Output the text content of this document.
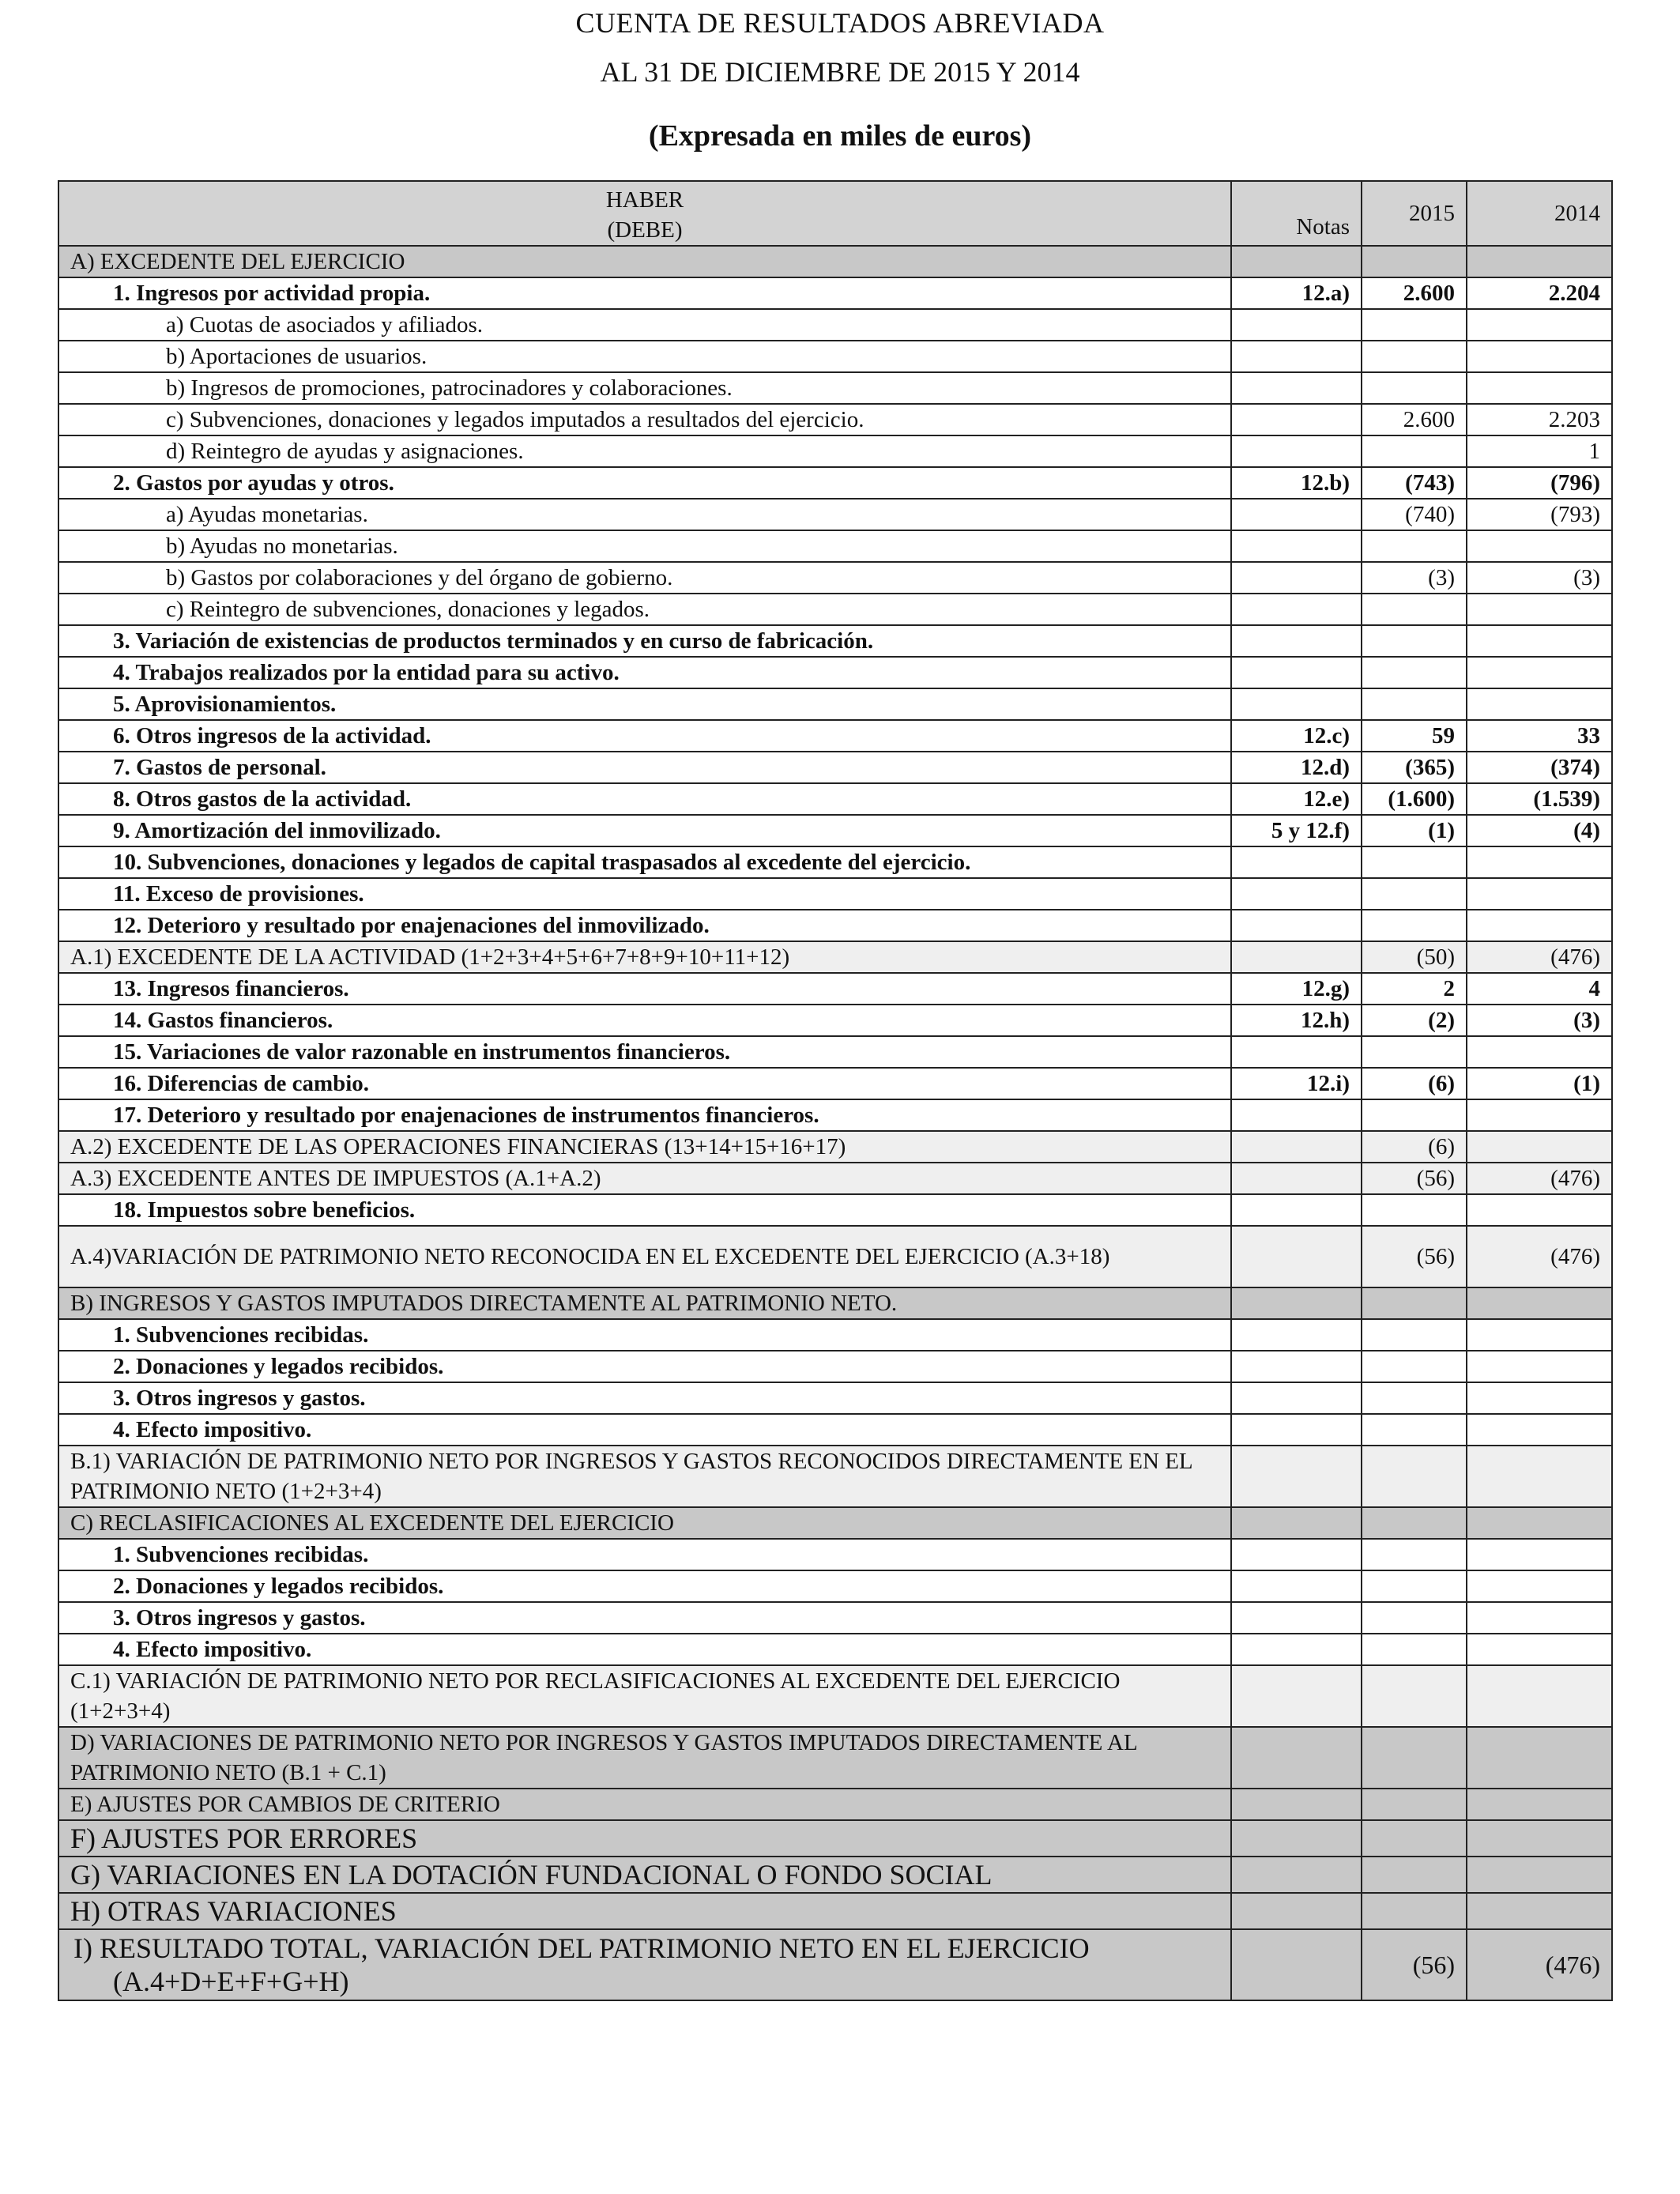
CUENTA DE RESULTADOS ABREVIADA
AL 31 DE DICIEMBRE DE 2015 Y 2014
(Expresada en miles de euros)
HABER
(DEBE)	Notas	2015	2014
A) EXCEDENTE DEL EJERCICIO			
1. Ingresos por actividad propia.	12.a)	2.600	2.204
a) Cuotas de asociados y afiliados.			
b) Aportaciones de usuarios.			
b) Ingresos de promociones, patrocinadores y colaboraciones.			
c) Subvenciones, donaciones y legados imputados a resultados del ejercicio.		2.600	2.203
d) Reintegro de ayudas y asignaciones.			1
2. Gastos por ayudas y otros.	12.b)	(743)	(796)
a) Ayudas monetarias.		(740)	(793)
b) Ayudas no monetarias.			
b) Gastos por colaboraciones y del órgano de gobierno.		(3)	(3)
c) Reintegro de subvenciones, donaciones y legados.			
3. Variación de existencias de productos terminados y en curso de fabricación.			
4. Trabajos realizados por la entidad para su activo.			
5. Aprovisionamientos.			
6. Otros ingresos de la actividad.	12.c)	59	33
7. Gastos de personal.	12.d)	(365)	(374)
8. Otros gastos de la actividad.	12.e)	(1.600)	(1.539)
9. Amortización del inmovilizado.	5 y 12.f)	(1)	(4)
10. Subvenciones, donaciones y legados de capital traspasados al excedente del ejercicio.			
11. Exceso de provisiones.			
12. Deterioro y resultado por enajenaciones del inmovilizado.			
A.1) EXCEDENTE DE LA ACTIVIDAD (1+2+3+4+5+6+7+8+9+10+11+12)		(50)	(476)
13. Ingresos financieros.	12.g)	2	4
14. Gastos financieros.	12.h)	(2)	(3)
15. Variaciones de valor razonable en instrumentos financieros.			
16. Diferencias de cambio.	12.i)	(6)	(1)
17. Deterioro y resultado por enajenaciones de instrumentos financieros.			
A.2) EXCEDENTE DE LAS OPERACIONES FINANCIERAS (13+14+15+16+17)		(6)	
A.3) EXCEDENTE ANTES DE IMPUESTOS (A.1+A.2)		(56)	(476)
18. Impuestos sobre beneficios.			
A.4)VARIACIÓN DE PATRIMONIO NETO RECONOCIDA EN EL EXCEDENTE DEL EJERCICIO (A.3+18)		(56)	(476)
B) INGRESOS Y GASTOS IMPUTADOS DIRECTAMENTE AL PATRIMONIO NETO.			
1. Subvenciones recibidas.			
2. Donaciones y legados recibidos.			
3. Otros ingresos y gastos.			
4. Efecto impositivo.			
B.1) VARIACIÓN DE PATRIMONIO NETO POR INGRESOS Y GASTOS RECONOCIDOS DIRECTAMENTE EN EL PATRIMONIO NETO (1+2+3+4)			
C) RECLASIFICACIONES AL EXCEDENTE DEL EJERCICIO			
1. Subvenciones recibidas.			
2. Donaciones y legados recibidos.			
3. Otros ingresos y gastos.			
4. Efecto impositivo.			
C.1) VARIACIÓN DE PATRIMONIO NETO POR RECLASIFICACIONES AL EXCEDENTE DEL EJERCICIO (1+2+3+4)			
D) VARIACIONES DE PATRIMONIO NETO POR INGRESOS Y GASTOS IMPUTADOS DIRECTAMENTE AL PATRIMONIO NETO (B.1 + C.1)			
E) AJUSTES POR CAMBIOS DE CRITERIO			
F) AJUSTES POR ERRORES			
G) VARIACIONES EN LA DOTACIÓN FUNDACIONAL O FONDO SOCIAL			
H) OTRAS VARIACIONES			
I) RESULTADO TOTAL, VARIACIÓN DEL PATRIMONIO NETO EN EL EJERCICIO (A.4+D+E+F+G+H)		(56)	(476)
